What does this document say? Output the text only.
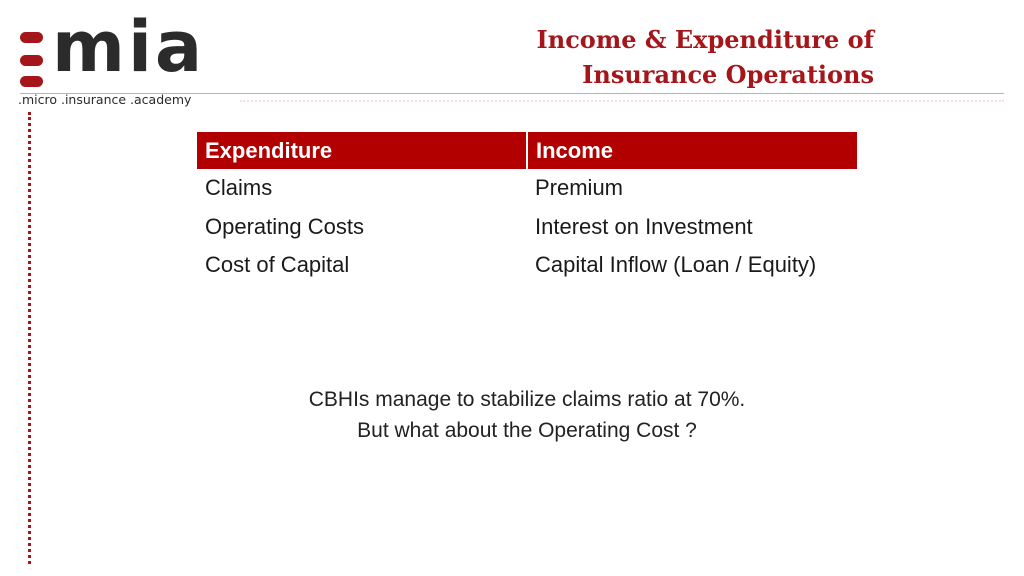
mia
.micro .insurance .academy
Income & Expenditure of
Insurance Operations
Expenditure	Income
Claims	Premium
Operating Costs	Interest on Investment
Cost of Capital	Capital Inflow (Loan / Equity)
CBHIs manage to stabilize claims ratio at 70%.
But what about the Operating Cost ?
